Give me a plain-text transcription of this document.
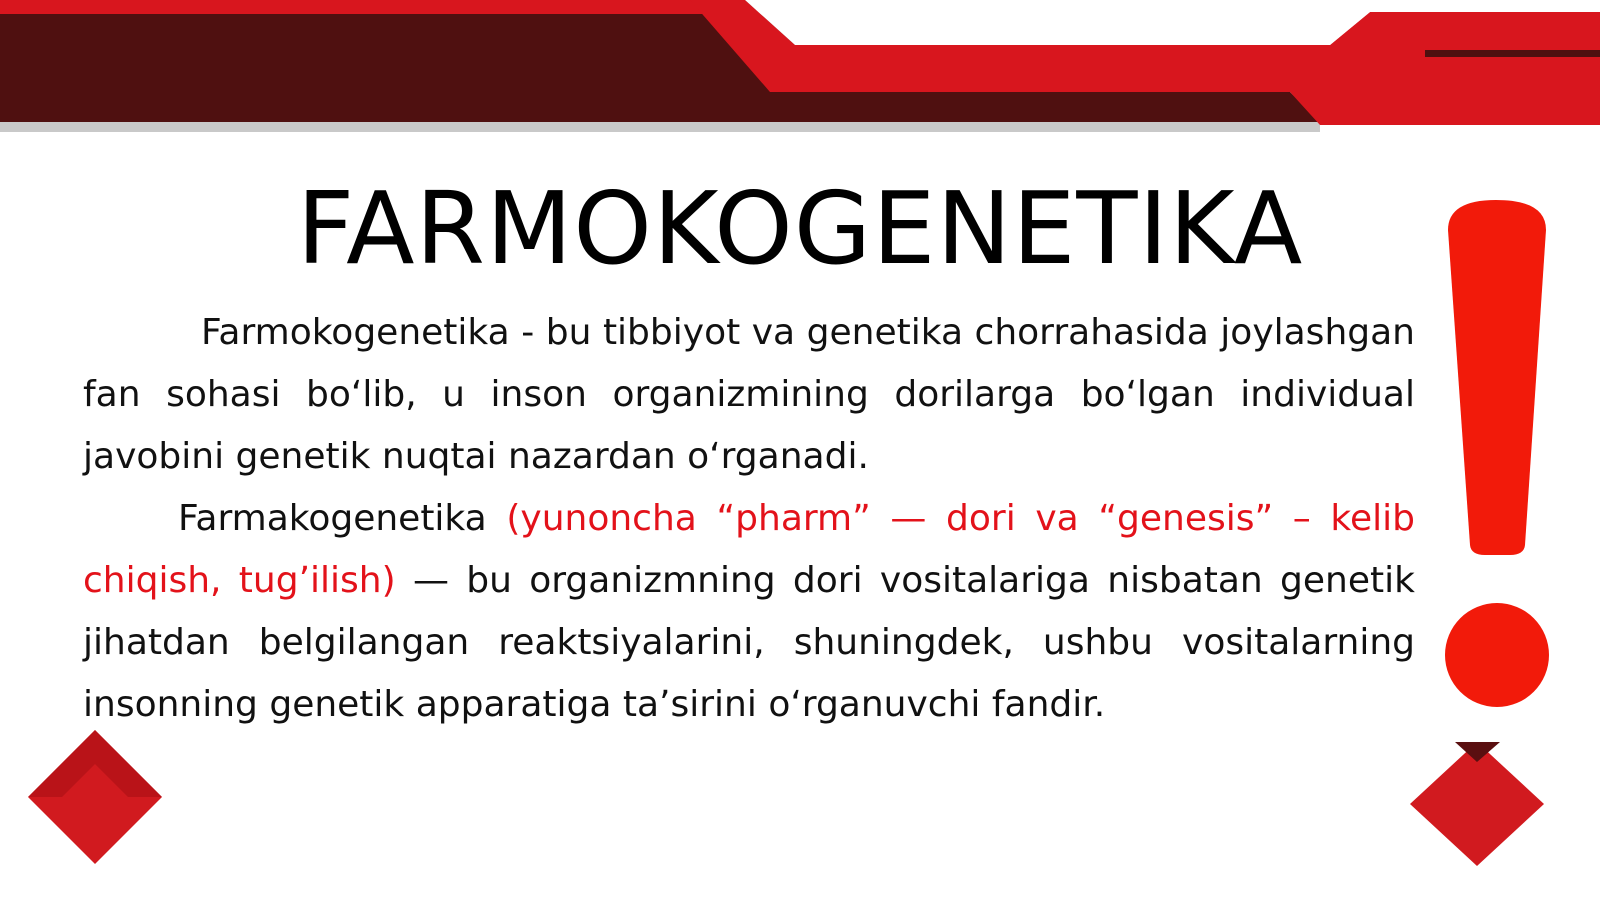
FARMOKOGENETIKA

Farmokogenetika - bu tibbiyot va genetika chorrahasida joylashgan fan sohasi bo‘lib, u inson organizmining dorilarga bo‘lgan individual javobini genetik nuqtai nazardan o‘rganadi.

Farmakogenetika (yunoncha “pharm” — dori va “genesis” – kelib chiqish, tug’ilish) — bu organizmning dori vositalariga nisbatan genetik jihatdan belgilangan reaktsiyalarini, shuningdek, ushbu vositalarning insonning genetik apparatiga ta’sirini o‘rganuvchi fandir.
